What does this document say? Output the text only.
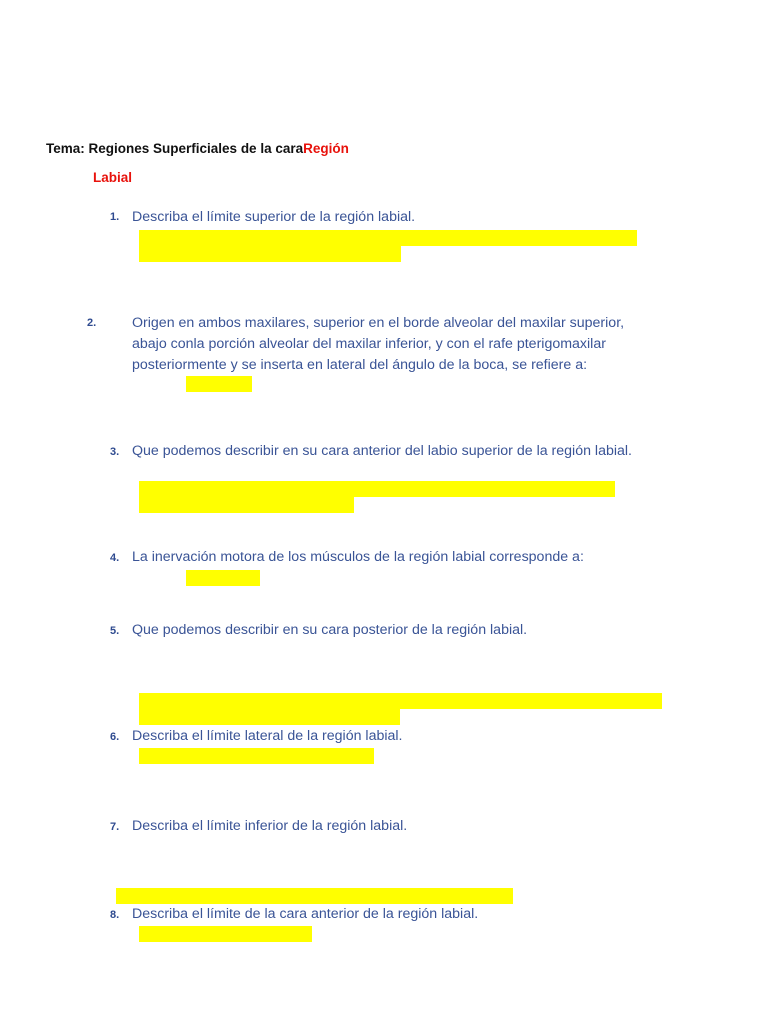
Tema: Regiones Superficiales de la caraRegión
Labial
1. Describa el límite superior de la región labial.
2.	Origen en ambos maxilares, superior en el borde alveolar del maxilar superior,
abajo conla porción alveolar del maxilar inferior, y con el rafe pterigomaxilar
posteriormente y se inserta en lateral del ángulo de la boca, se refiere a:
3. Que podemos describir en su cara anterior del labio superior de la región labial.
4. La inervación motora de los músculos de la región labial corresponde a:
5. Que podemos describir en su cara posterior de la región labial.
6. Describa el límite lateral de la región labial.
7. Describa el límite inferior de la región labial.
8. Describa el límite de la cara anterior de la región labial.
